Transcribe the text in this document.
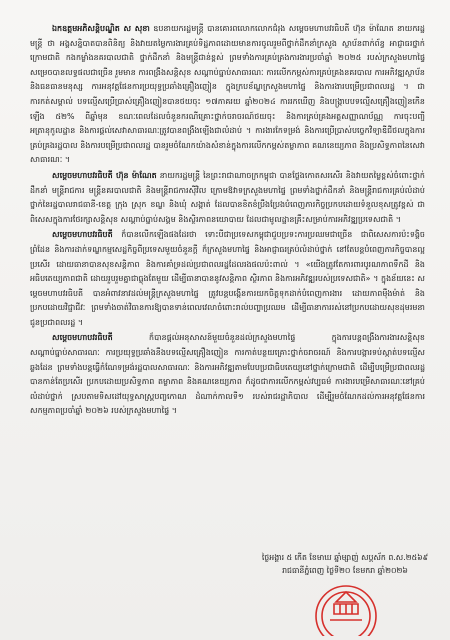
ឯកឧត្តមអភិសន្តិបណ្ឌិត ស សុខា ឧបនាយករដ្ឋមន្ត្រី បានគោរពលោកលោកជំរុង សម្តេចមហាបវរធិបតី ហ៊ុន ម៉ាណែត នាយករដ្ឋមន្ត្រី ថា អង្គសន្និបាតបានពិនិត្យ និងវាយតម្លៃការងារគ្រប់ទិដ្ឋភាពដោយមានការចូលរួមពីថ្នាក់ដឹកនាំក្រសួង ស្ថាប័នពាក់ព័ន្ធ អាជ្ញាធរថ្នាក់ក្រោមជាតិ កងកម្លាំងនគរបាលជាតិ ថ្នាក់ដឹកនាំ និងមន្ត្រីជាន់ខ្ពស់ ព្រមទាំងការគ្រប់គ្រងការងារប្រចាំឆ្នាំ ២០២៥ របស់ក្រសួងមហាផ្ទៃ សម្រេចបានលទ្ធផលជាច្រើន រួមមាន ការពង្រឹងសន្តិសុខ សណ្តាប់ធ្នាប់សាធារណៈ ការលើកកម្ពស់ការគ្រប់គ្រងនគរបាល ការអភិវឌ្ឍស្ថាប័ន និងធនធានមនុស្ស ការអនុវត្តផែនការប្រយុទ្ធប្រឆាំងគ្រឿងញៀន ក្នុងក្របខ័ណ្ឌក្រសួងមហាផ្ទៃ និងការងារបម្រើប្រជាពលរដ្ឋ ។ ជាការកត់សម្គាល់ បទល្មើសប្រើប្រាស់គ្រឿងញៀនបានថយចុះ ១៧ភាគរយ ឆ្នាំ២០២៤ ការរកឃើញ និងបង្រ្កាបបទល្មើសគ្រឿងញៀនកើនឡើង ៥២% ពីឆ្នាំមុន ខណៈពេលដែលចំនួនករណីគ្រោះថ្នាក់ចរាចរណ៍ថយចុះ និងការគ្រប់គ្រងអត្តសញ្ញាណប័ណ្ណ ការចុះបញ្ជីអត្រានុកូលដ្ឋាន និងការផ្តល់សេវាសាធារណៈត្រូវបានពង្រឹងឡើងជាលំដាប់ ។ ការងារកែទម្រង់ និងការប្រើប្រាស់បច្ចេកវិទ្យាឌីជីថលក្នុងការគ្រប់គ្រងរដ្ឋបាល និងការបម្រើប្រជាពលរដ្ឋ បានរួមចំណែកយ៉ាងសំខាន់ក្នុងការលើកកម្ពស់តម្លាភាព គណនេយ្យភាព និងប្រសិទ្ធភាពនៃសេវាសាធារណៈ ។

សម្តេចមហាបវរធិបតី ហ៊ុន ម៉ាណែត នាយករដ្ឋមន្ត្រី នៃព្រះរាជាណាចក្រកម្ពុជា បានថ្លែងកោតសរសើរ និងវាយតម្លៃខ្ពស់ចំពោះថ្នាក់ដឹកនាំ មន្ត្រីរាជការ មន្ត្រីនគរបាលជាតិ និងមន្ត្រីរាជការស៊ីវិល ក្រោមឱវាទក្រសួងមហាផ្ទៃ ព្រមទាំងថ្នាក់ដឹកនាំ និងមន្ត្រីរាជការគ្រប់លំដាប់ថ្នាក់នៃរដ្ឋបាលរាជធានី-ខេត្ត ក្រុង ស្រុក ខណ្ឌ និងឃុំ សង្កាត់ ដែលបានខិតខំប្រឹងប្រែងបំពេញភារកិច្ចប្រកបដោយទំនួលខុសត្រូវខ្ពស់ ជាពិសេសក្នុងការថែរក្សាសន្តិសុខ សណ្តាប់ធ្នាប់សង្គម និងស្ថិរភាពនយោបាយ ដែលជាមូលដ្ឋានគ្រឹះសម្រាប់ការអភិវឌ្ឍប្រទេសជាតិ ។

សម្តេចមហាបវរធិបតី ក៏បានលើកឡើងផងដែរថា ទោះបីជាប្រទេសកម្ពុជាជួបប្រទះការប្រឈមជាច្រើន ជាពិសេសការប៉ះទង្គិចព្រំដែន និងការដាក់ទណ្ឌកម្មសេដ្ឋកិច្ចពីប្រទេសមួយចំនួនក្តី ក៏ក្រសួងមហាផ្ទៃ និងអាជ្ញាធរគ្រប់លំដាប់ថ្នាក់ នៅតែបន្តបំពេញភារកិច្ចបានល្អប្រសើរ ដោយធានាបានសុខសន្តិភាព និងការគាំទ្រដល់ប្រជាពលរដ្ឋដែលរងផលប៉ះពាល់ ។ «យើងត្រូវតែការពារបូរណភាពទឹកដី និងអធិបតេយ្យភាពជាតិ ដោយរួបរួមគ្នាជាធ្លុងតែមួយ ដើម្បីធានាបាននូវសន្តិភាព ស្ថិរភាព និងការអភិវឌ្ឍរបស់ប្រទេសជាតិ» ។ ក្នុងន័យនេះ សម្តេចមហាបវរធិបតី បានអំពាវនាវដល់មន្ត្រីក្រសួងមហាផ្ទៃ ត្រូវបន្តបង្កើនការយកចិត្តទុកដាក់បំពេញការងារ ដោយភាពម៉ឺងម៉ាត់ និងប្រកបដោយវិជ្ជាជីវៈ ព្រមទាំងចាត់វិធានការឱ្យបានទាន់ពេលវេលាចំពោះរាល់បញ្ហាប្រឈម ដើម្បីធានាការរស់នៅប្រកបដោយសុខដុមរមនាជូនប្រជាពលរដ្ឋ ។

សម្តេចមហាបវរធិបតី ក៏បានផ្តល់អនុសាសន៍មួយចំនួនដល់ក្រសួងមហាផ្ទៃ ក្នុងការបន្តពង្រឹងការងារសន្តិសុខ សណ្តាប់ធ្នាប់សាធារណៈ ការប្រយុទ្ធប្រឆាំងនឹងបទល្មើសគ្រឿងញៀន ការកាត់បន្ថយគ្រោះថ្នាក់ចរាចរណ៍ និងការបង្ការទប់ស្កាត់បទល្មើសឆ្លងដែន ព្រមទាំងបន្តធ្វើកំណែទម្រង់រដ្ឋបាលសាធារណៈ និងការអភិវឌ្ឍតាមបែបប្រជាធិបតេយ្យនៅថ្នាក់ក្រោមជាតិ ដើម្បីបម្រើប្រជាពលរដ្ឋបានកាន់តែប្រសើរ ប្រកបដោយប្រសិទ្ធភាព តម្លាភាព និងគណនេយ្យភាព ក៏ដូចជាការលើកកម្ពស់វប្បធម៌ ការងារបម្រើសាធារណៈនៅគ្រប់លំដាប់ថ្នាក់ ស្របតាមទិសដៅយុទ្ធសាស្ត្របញ្ចកោណ ដំណាក់កាលទី១ របស់រាជរដ្ឋាភិបាល ដើម្បីរួមចំណែកដល់ការអនុវត្តផែនការសកម្មភាពប្រចាំឆ្នាំ ២០២៦ របស់ក្រសួងមហាផ្ទៃ ។

ថ្ងៃអង្គារ ៥ កើត ខែមាឃ ឆ្នាំម្សាញ់ សប្តស័ក ព.ស.២៥៦៩
រាជធានីភ្នំពេញ ថ្ងៃទី២០ ខែមករា ឆ្នាំ២០២៦
